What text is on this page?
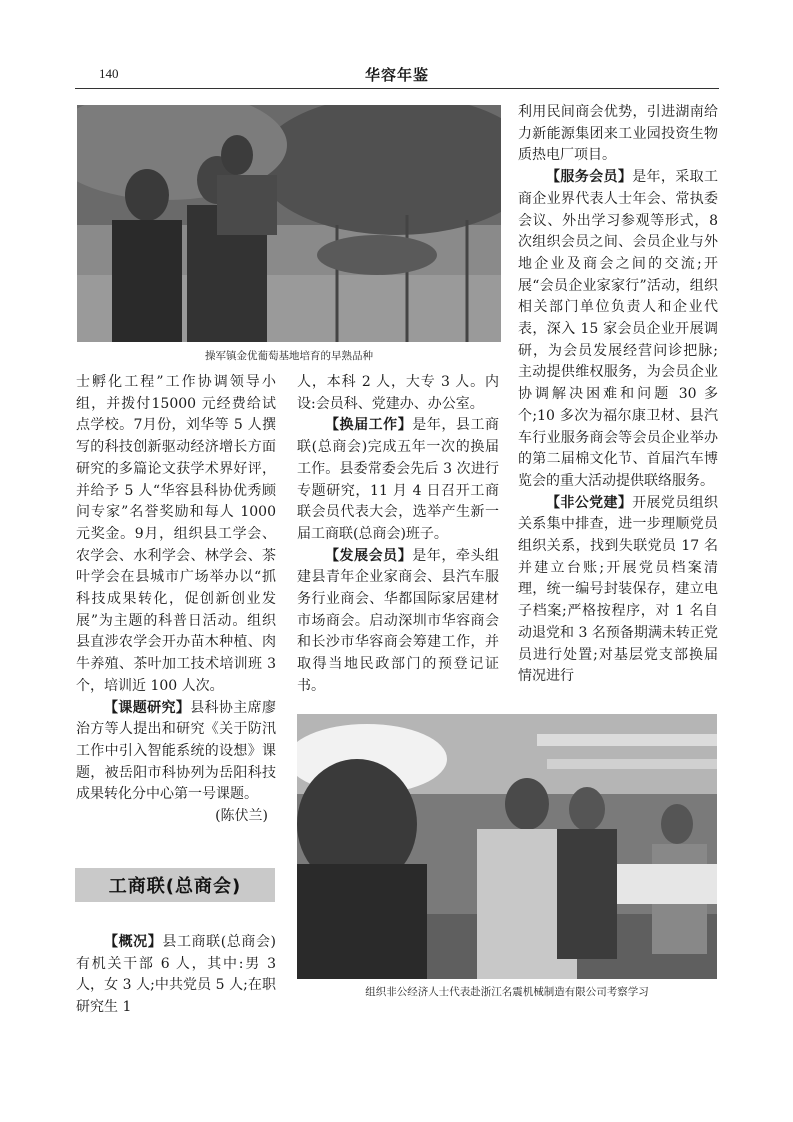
140	华容年鉴
操军镇金优葡萄基地培育的早熟品种

士孵化工程”工作协调领导小组，并拨付15000 元经费给试点学校。7月份，刘华等 5 人撰写的科技创新驱动经济增长方面研究的多篇论文获学术界好评，并给予 5 人“华容县科协优秀顾问专家”名誉奖励和每人 1000 元奖金。9月，组织县工学会、农学会、水利学会、林学会、茶叶学会在县城市广场举办以“抓科技成果转化，促创新创业发展”为主题的科普日活动。组织县直涉农学会开办苗木种植、肉牛养殖、茶叶加工技术培训班 3 个，培训近 100 人次。

【课题研究】县科协主席廖治方等人提出和研究《关于防汛工作中引入智能系统的设想》课题，被岳阳市科协列为岳阳科技成果转化分中心第一号课题。

(陈伏兰)

工商联(总商会)

【概况】县工商联(总商会)有机关干部 6 人，其中:男 3 人，女 3 人;中共党员 5 人;在职研究生 1

人，本科 2 人，大专 3 人。内设:会员科、党建办、办公室。

【换届工作】是年，县工商联(总商会)完成五年一次的换届工作。县委常委会先后 3 次进行专题研究，11 月 4 日召开工商联会员代表大会，选举产生新一届工商联(总商会)班子。

【发展会员】是年，牵头组建县青年企业家商会、县汽车服务行业商会、华都国际家居建材市场商会。启动深圳市华容商会和长沙市华容商会筹建工作，并取得当地民政部门的预登记证书。

利用民间商会优势，引进湖南给力新能源集团来工业园投资生物质热电厂项目。

【服务会员】是年，采取工商企业界代表人士年会、常执委会议、外出学习参观等形式，8 次组织会员之间、会员企业与外地企业及商会之间的交流;开展“会员企业家家行”活动，组织相关部门单位负责人和企业代表，深入 15 家会员企业开展调研，为会员发展经营问诊把脉;主动提供维权服务，为会员企业协调解决困难和问题 30 多个;10 多次为福尔康卫材、县汽车行业服务商会等会员企业举办的第二届棉文化节、首届汽车博览会的重大活动提供联络服务。

【非公党建】开展党员组织关系集中排查，进一步理顺党员组织关系，找到失联党员 17 名并建立台账;开展党员档案清理，统一编号封装保存，建立电子档案;严格按程序，对 1 名自动退党和 3 名预备期满未转正党员进行处置;对基层党支部换届情况进行

组织非公经济人士代表赴浙江名震机械制造有限公司考察学习
